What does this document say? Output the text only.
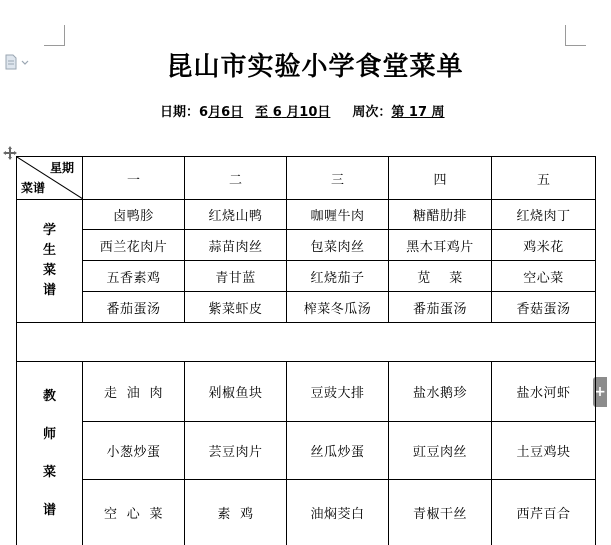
+
昆山市实验小学食堂菜单
日期：6月6日 至 6 月10日 周次：第 17 周
星期
菜谱	一	二	三	四	五

学
生
菜
谱	卤鸭胗	红烧山鸭	咖喱牛肉	糖醋肋排	红烧肉丁
	西兰花肉片	蒜苗肉丝	包菜肉丝	黑木耳鸡片	鸡米花
	五香素鸡	青甘蓝	红烧茄子	苋    菜	空心菜
	番茄蛋汤	紫菜虾皮	榨菜冬瓜汤	番茄蛋汤	香菇蛋汤

教
师
菜
谱	走  油  肉	剁椒鱼块	豆豉大排	盐水鹅珍	盐水河虾
	小葱炒蛋	芸豆肉片	丝瓜炒蛋	豇豆肉丝	土豆鸡块
	空  心  菜	素  鸡	油焖茭白	青椒干丝	西芹百合
